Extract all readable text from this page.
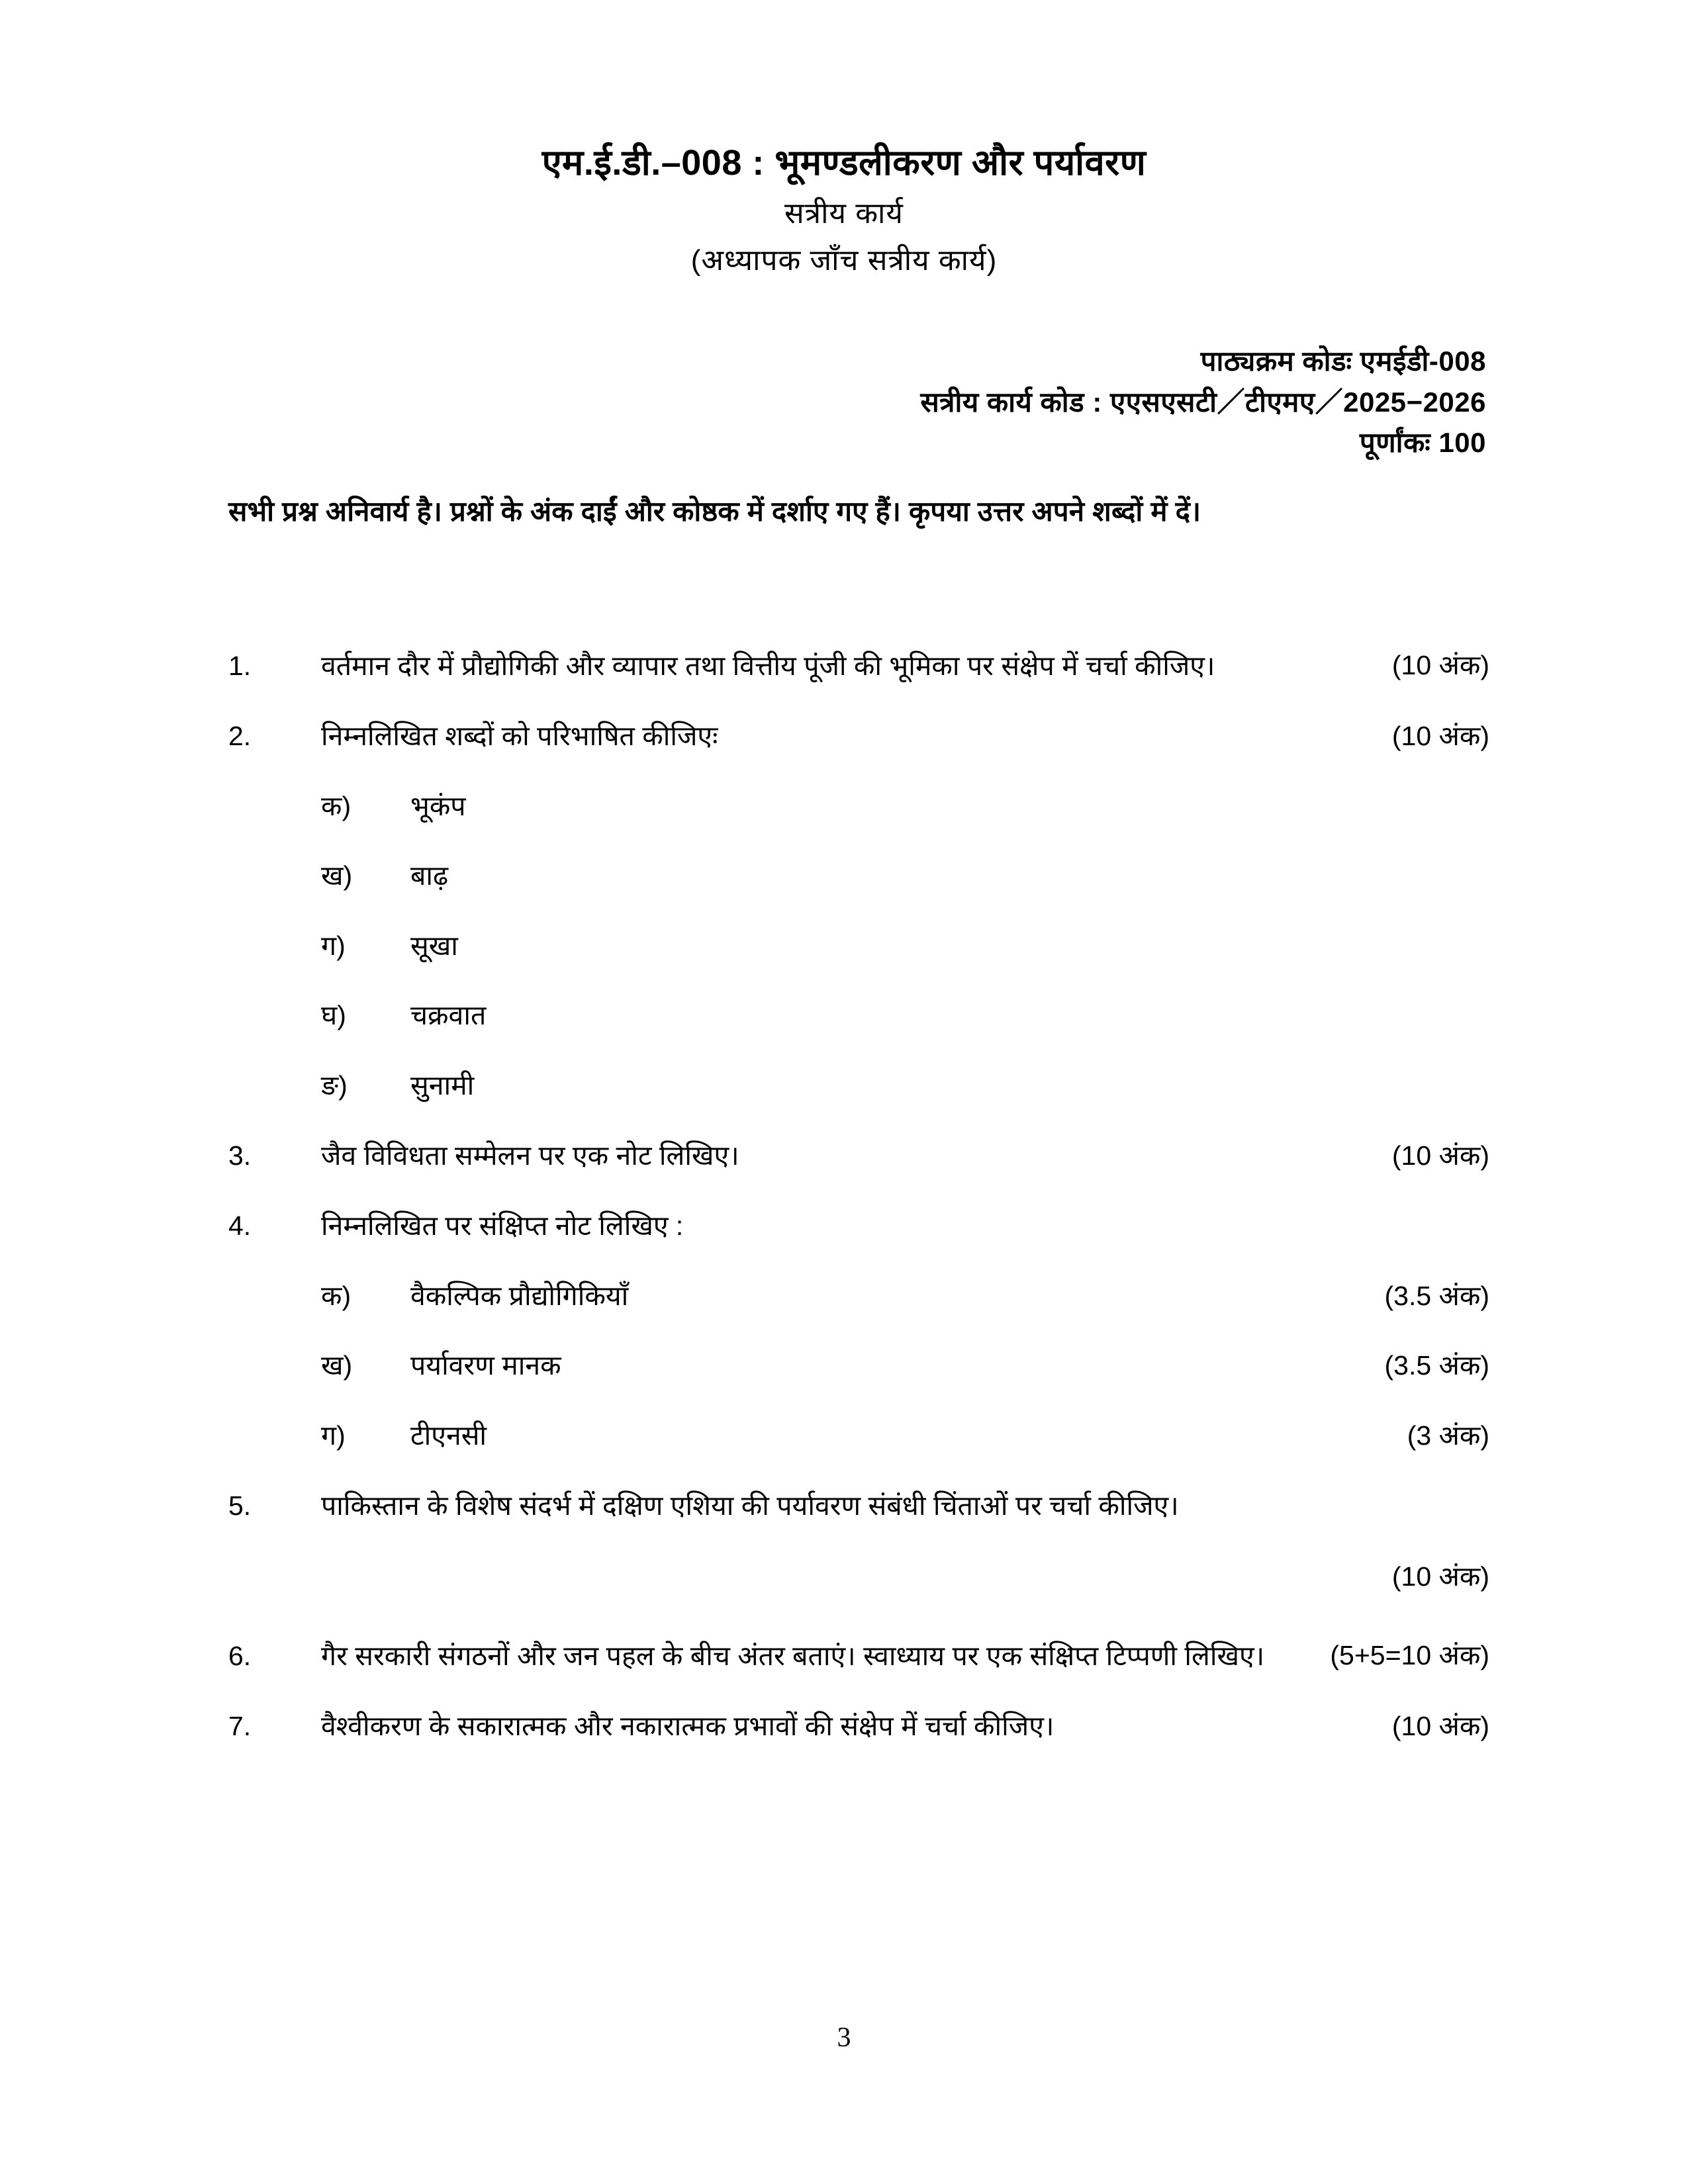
एम.ई.डी.–008 : भूमण्डलीकरण और पर्यावरण
सत्रीय कार्य
(अध्यापक जाँच सत्रीय कार्य)
पाठ्यक्रम कोडः एमईडी-008
सत्रीय कार्य कोड : एएसएसटी／टीएमए／2025−2026
पूर्णांकः 100
सभी प्रश्न अनिवार्य है। प्रश्नों के अंक दाईं और कोष्ठक में दर्शाए गए हैं। कृपया उत्तर अपने शब्दों में दें।
1.	वर्तमान दौर में प्रौद्योगिकी और व्यापार तथा वित्तीय पूंजी की भूमिका पर संक्षेप में चर्चा कीजिए।	(10 अंक)
2.	निम्नलिखित शब्दों को परिभाषित कीजिएः	(10 अंक)
क)	भूकंप
ख)	बाढ़
ग)	सूखा
घ)	चक्रवात
ङ)	सुनामी
3.	जैव विविधता सम्मेलन पर एक नोट लिखिए।	(10 अंक)
4.	निम्नलिखित पर संक्षिप्त नोट लिखिए :
क)	वैकल्पिक प्रौद्योगिकियाँ	(3.5 अंक)
ख)	पर्यावरण मानक	(3.5 अंक)
ग)	टीएनसी	(3 अंक)
5.	पाकिस्तान के विशेष संदर्भ में दक्षिण एशिया की पर्यावरण संबंधी चिंताओं पर चर्चा कीजिए।
(10 अंक)
6.	गैर सरकारी संगठनों और जन पहल के बीच अंतर बताएं। स्वाध्याय पर एक संक्षिप्त टिप्पणी लिखिए।	(5+5=10 अंक)
7.	वैश्वीकरण के सकारात्मक और नकारात्मक प्रभावों की संक्षेप में चर्चा कीजिए।	(10 अंक)
3
